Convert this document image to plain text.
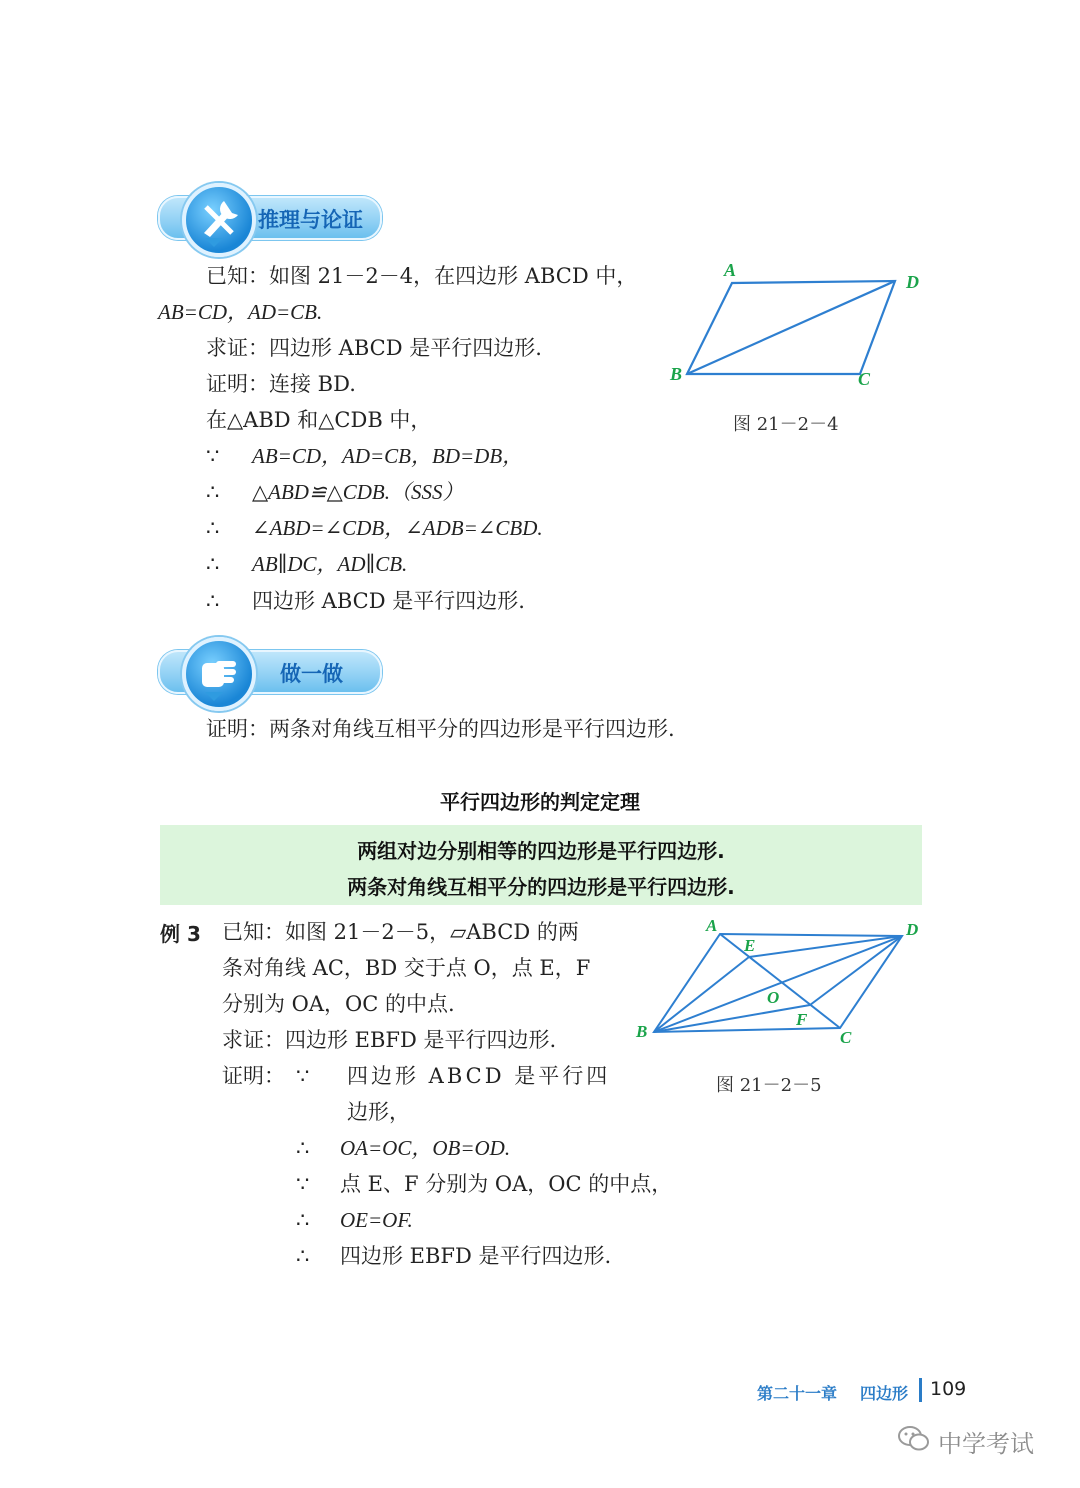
推理与论证
已知：如图 21－2－4，在四边形 ABCD 中，
AB=CD，AD=CB.
求证：四边形 ABCD 是平行四边形.
证明：连接 BD.
在△ABD 和△CDB 中，
∵ AB=CD，AD=CB，BD=DB，
∴ △ABD≌△CDB.（SSS）
∴ ∠ABD=∠CDB，∠ADB=∠CBD.
∴ AB∥DC，AD∥CB.
∴ 四边形 ABCD 是平行四边形.
A
D
B	C
图 21－2－4
做一做
证明：两条对角线互相平分的四边形是平行四边形.
平行四边形的判定定理
两组对边分别相等的四边形是平行四边形.
两条对角线互相平分的四边形是平行四边形.
例 3 已知：如图 21－2－5，▱ABCD 的两
条对角线 AC，BD 交于点 O，点 E，F
分别为 OA，OC 的中点.
求证：四边形 EBFD 是平行四边形.
证明： ∵ 四边形 ABCD 是平行四
边形，
∴ OA=OC，OB=OD.
∵ 点 E、F 分别为 OA，OC 的中点，
∴ OE=OF.
∴ 四边形 EBFD 是平行四边形.
A	D
B	C
E
F
O
图 21－2－5
第二十一章 四边形 109
中学考试
